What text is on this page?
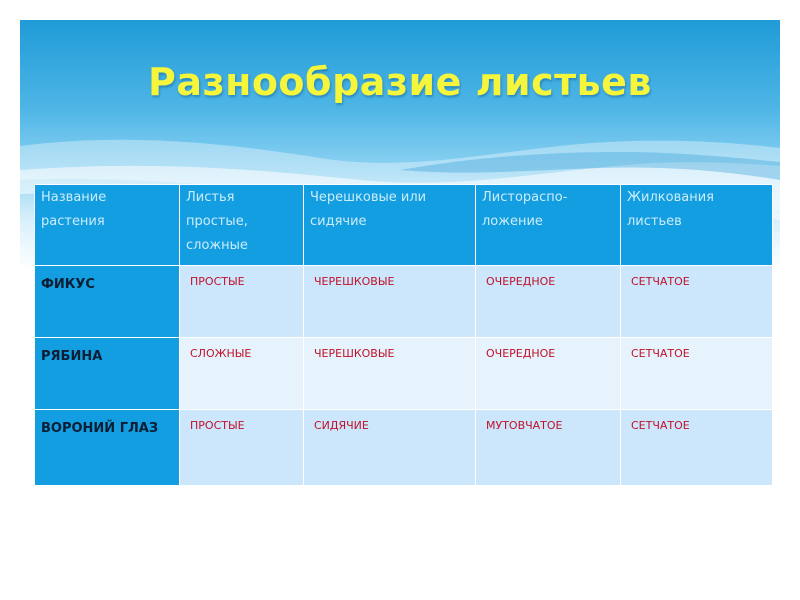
Разнообразие листьев
Название растения	Листья простые, сложные	Черешковые или сидячие	Листораспо-ложение	Жилкования листьев
ФИКУС	ПРОСТЫЕ	ЧЕРЕШКОВЫЕ	ОЧЕРЕДНОЕ	СЕТЧАТОЕ
РЯБИНА	СЛОЖНЫЕ	ЧЕРЕШКОВЫЕ	ОЧЕРЕДНОЕ	СЕТЧАТОЕ
ВОРОНИЙ ГЛАЗ	ПРОСТЫЕ	СИДЯЧИЕ	МУТОВЧАТОЕ	СЕТЧАТОЕ
